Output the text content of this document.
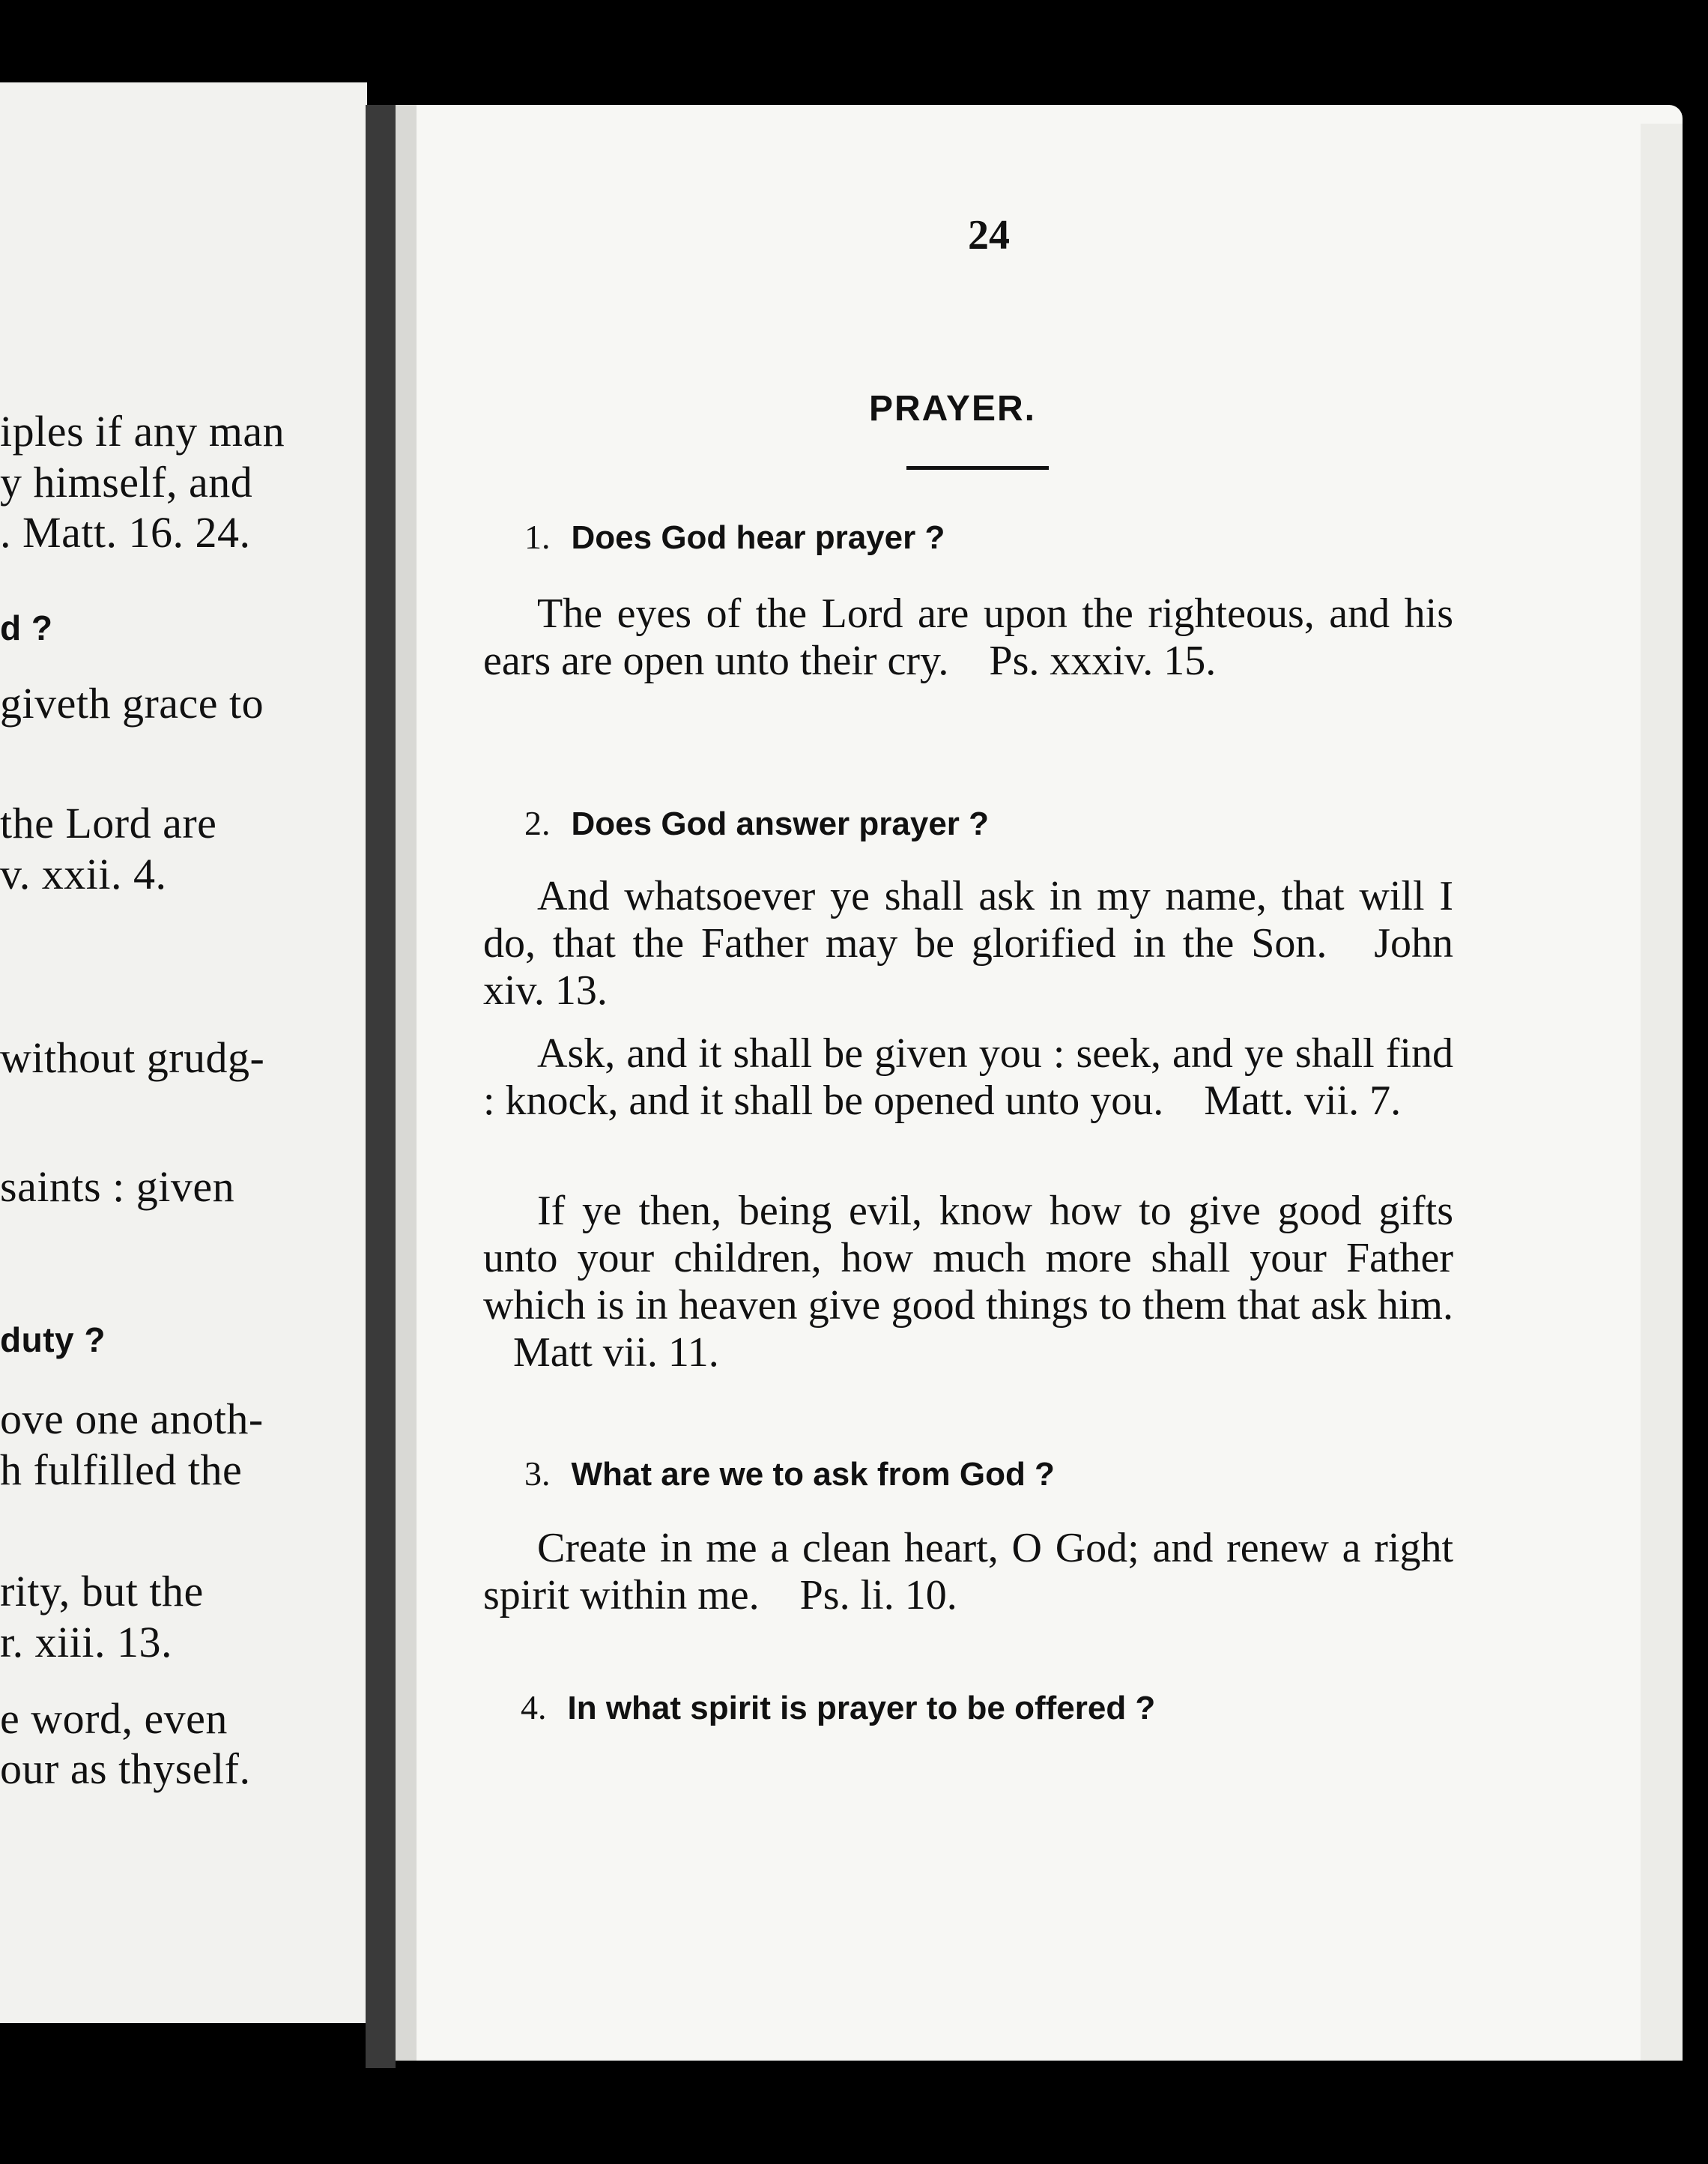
iples if any man
y himself, and
. Matt. 16. 24.
d ?
giveth grace to
the Lord are
v. xxii. 4.
without grudg-
saints : given
duty ?
ove one anoth-
h fulfilled the
rity, but the
r. xiii. 13.
e word, even
our as thyself.
24
PRAYER.
1. Does God hear prayer ?

The eyes of the Lord are upon the righteous, and his ears are open unto their cry. Ps. xxxiv. 15.

2. Does God answer prayer ?

And whatsoever ye shall ask in my name, that will I do, that the Father may be glorified in the Son. John xiv. 13.

Ask, and it shall be given you : seek, and ye shall find : knock, and it shall be opened unto you. Matt. vii. 7.

If ye then, being evil, know how to give good gifts unto your children, how much more shall your Father which is in heaven give good things to them that ask him. Matt vii. 11.

3. What are we to ask from God ?

Create in me a clean heart, O God; and renew a right spirit within me. Ps. li. 10.

4. In what spirit is prayer to be offered ?
